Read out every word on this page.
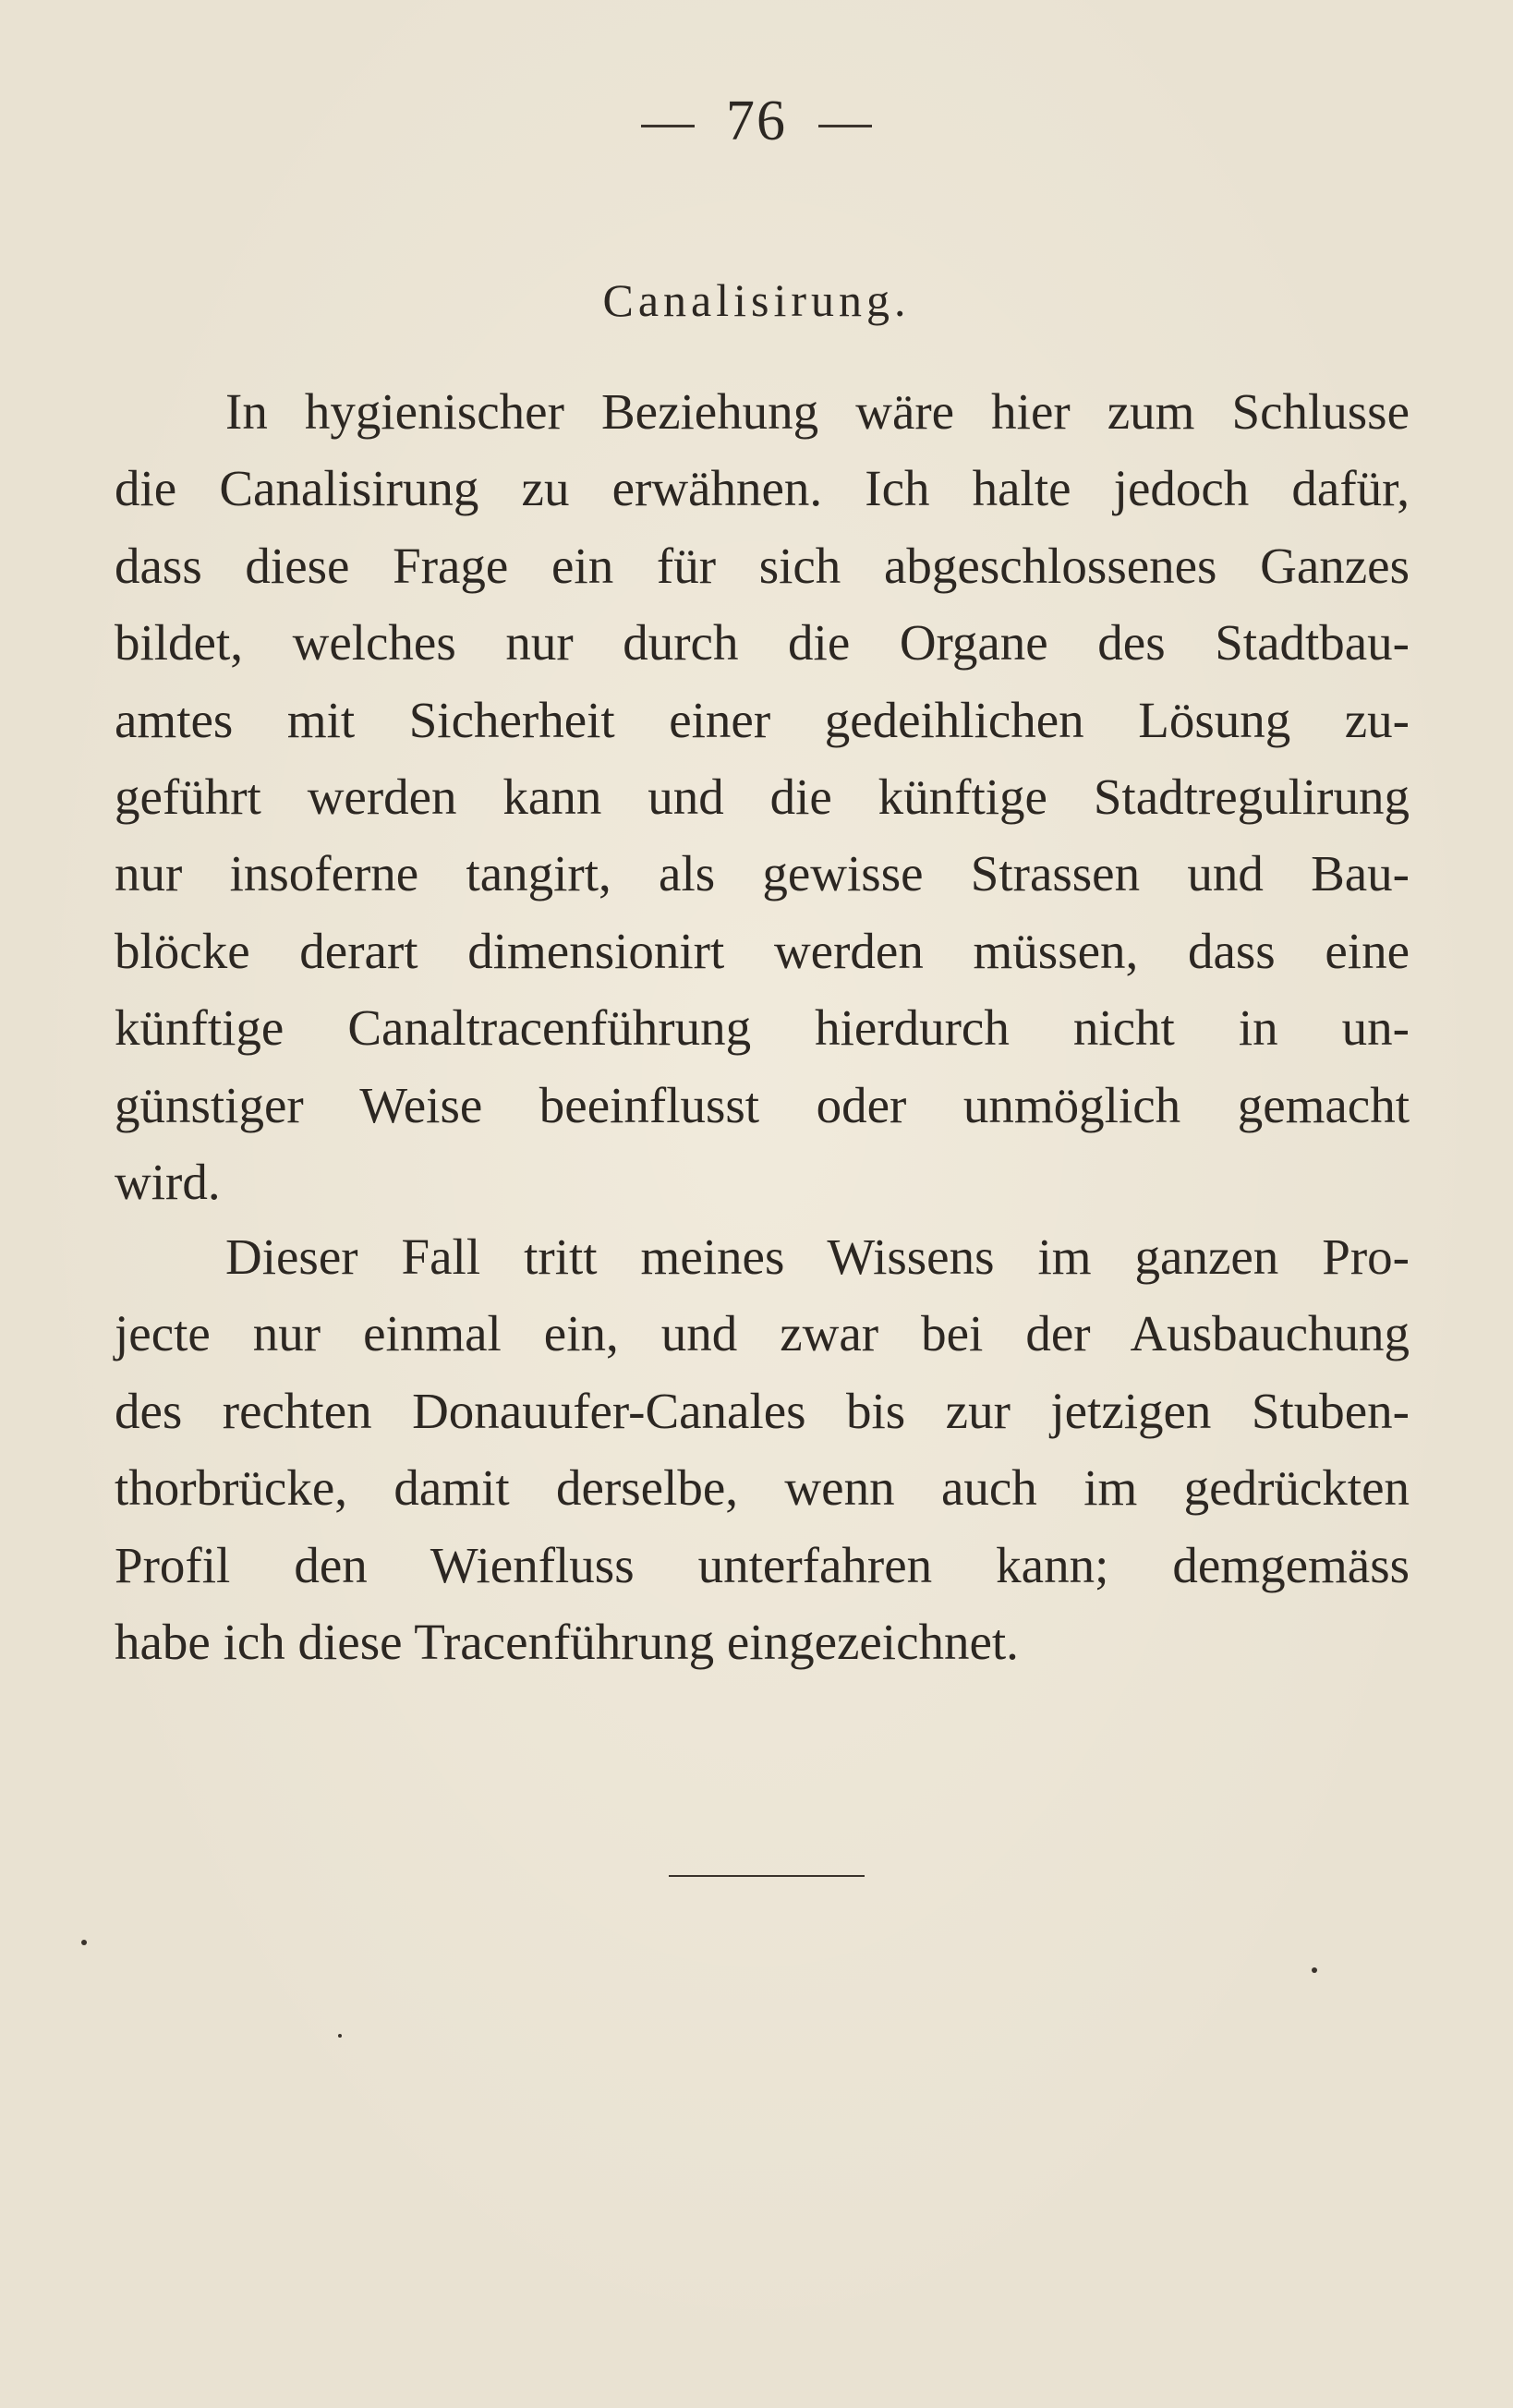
76
Canalisirung.

In hygienischer Beziehung wäre hier zum Schlusse

die Canalisirung zu erwähnen. Ich halte jedoch dafür,

dass diese Frage ein für sich abgeschlossenes Ganzes

bildet, welches nur durch die Organe des Stadtbau-

amtes mit Sicherheit einer gedeihlichen Lösung zu-

geführt werden kann und die künftige Stadtregulirung

nur insoferne tangirt, als gewisse Strassen und Bau-

blöcke derart dimensionirt werden müssen, dass eine

künftige Canaltracenführung hierdurch nicht in un-

günstiger Weise beeinflusst oder unmöglich gemacht

wird.

Dieser Fall tritt meines Wissens im ganzen Pro-

jecte nur einmal ein, und zwar bei der Ausbauchung

des rechten Donauufer-Canales bis zur jetzigen Stuben-

thorbrücke, damit derselbe, wenn auch im gedrückten

Profil den Wienfluss unterfahren kann; demgemäss

habe ich diese Tracenführung eingezeichnet.
